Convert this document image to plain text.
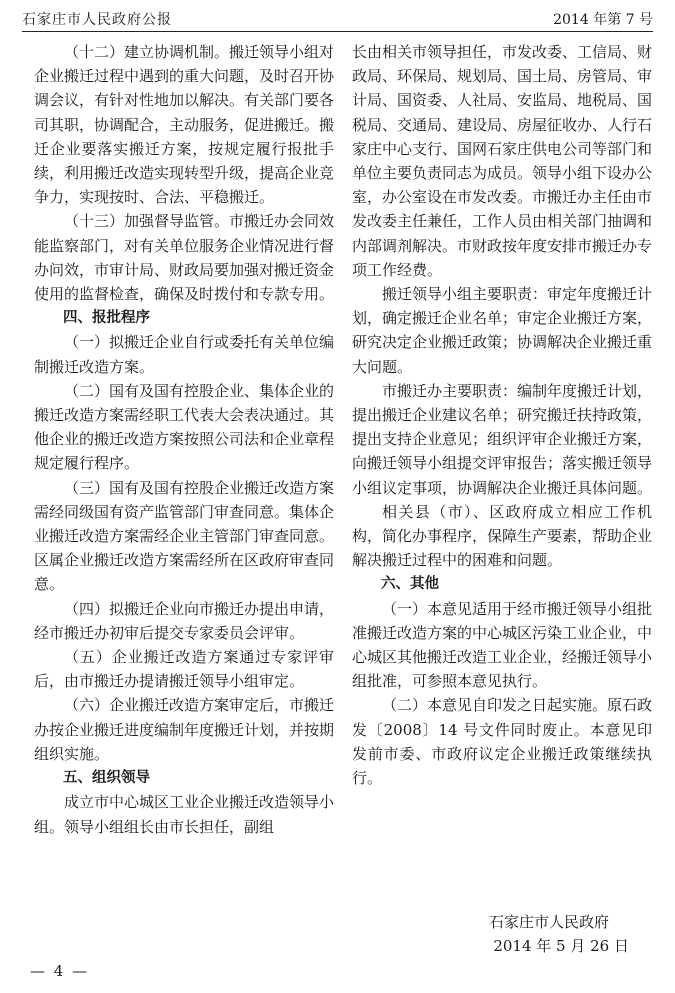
石家庄市人民政府公报	2014 年第 7 号

（十二）建立协调机制。搬迁领导小组对企业搬迁过程中遇到的重大问题，及时召开协调会议，有针对性地加以解决。有关部门要各司其职，协调配合，主动服务，促进搬迁。搬迁企业要落实搬迁方案，按规定履行报批手续，利用搬迁改造实现转型升级，提高企业竞争力，实现按时、合法、平稳搬迁。

（十三）加强督导监管。市搬迁办会同效能监察部门，对有关单位服务企业情况进行督办问效，市审计局、财政局要加强对搬迁资金使用的监督检查，确保及时拨付和专款专用。

四、报批程序

（一）拟搬迁企业自行或委托有关单位编制搬迁改造方案。

（二）国有及国有控股企业、集体企业的搬迁改造方案需经职工代表大会表决通过。其他企业的搬迁改造方案按照公司法和企业章程规定履行程序。

（三）国有及国有控股企业搬迁改造方案需经同级国有资产监管部门审查同意。集体企业搬迁改造方案需经企业主管部门审查同意。区属企业搬迁改造方案需经所在区政府审查同意。

（四）拟搬迁企业向市搬迁办提出申请，经市搬迁办初审后提交专家委员会评审。

（五）企业搬迁改造方案通过专家评审后，由市搬迁办提请搬迁领导小组审定。

（六）企业搬迁改造方案审定后，市搬迁办按企业搬迁进度编制年度搬迁计划，并按期组织实施。

五、组织领导

成立市中心城区工业企业搬迁改造领导小组。领导小组组长由市长担任，副组

长由相关市领导担任，市发改委、工信局、财政局、环保局、规划局、国土局、房管局、审计局、国资委、人社局、安监局、地税局、国税局、交通局、建设局、房屋征收办、人行石家庄中心支行、国网石家庄供电公司等部门和单位主要负责同志为成员。领导小组下设办公室，办公室设在市发改委。市搬迁办主任由市发改委主任兼任，工作人员由相关部门抽调和内部调剂解决。市财政按年度安排市搬迁办专项工作经费。

搬迁领导小组主要职责：审定年度搬迁计划，确定搬迁企业名单；审定企业搬迁方案，研究决定企业搬迁政策；协调解决企业搬迁重大问题。

市搬迁办主要职责：编制年度搬迁计划，提出搬迁企业建议名单；研究搬迁扶持政策，提出支持企业意见；组织评审企业搬迁方案，向搬迁领导小组提交评审报告；落实搬迁领导小组议定事项，协调解决企业搬迁具体问题。

相关县（市）、区政府成立相应工作机构，简化办事程序，保障生产要素，帮助企业解决搬迁过程中的困难和问题。

六、其他

（一）本意见适用于经市搬迁领导小组批准搬迁改造方案的中心城区污染工业企业，中心城区其他搬迁改造工业企业，经搬迁领导小组批准，可参照本意见执行。

（二）本意见自印发之日起实施。原石政发〔2008〕14 号文件同时废止。本意见印发前市委、市政府议定企业搬迁政策继续执行。

石家庄市人民政府
2014 年 5 月 26 日
— 4 —
